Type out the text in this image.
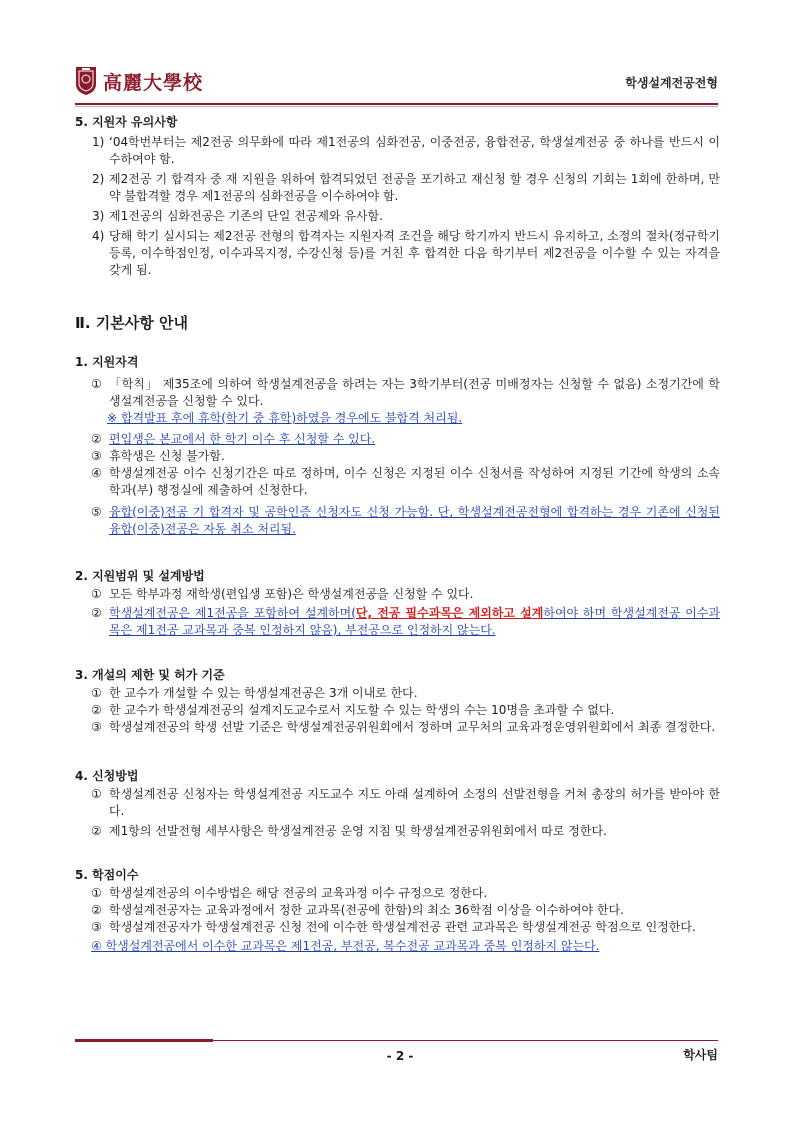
高麗大學校	학생설계전공전형

5. 지원자 유의사항

1) ‘04학번부터는 제2전공 의무화에 따라 제1전공의 심화전공, 이중전공, 융합전공, 학생설계전공 중 하나를 반드시 이수하여야 함.
2) 제2전공 기 합격자 중 재 지원을 위하여 합격되었던 전공을 포기하고 재신청 할 경우 신청의 기회는 1회에 한하며, 만약 불합격할 경우 제1전공의 심화전공을 이수하여야 함.
3) 제1전공의 심화전공은 기존의 단일 전공제와 유사함.
4) 당해 학기 실시되는 제2전공 전형의 합격자는 지원자격 조건을 해당 학기까지 반드시 유지하고, 소정의 절차(정규학기등록, 이수학점인정, 이수과목지정, 수강신청 등)를 거친 후 합격한 다음 학기부터 제2전공을 이수할 수 있는 자격을 갖게 됨.

Ⅱ. 기본사항 안내

1. 지원자격

① 「학칙」 제35조에 의하여 학생설계전공을 하려는 자는 3학기부터(전공 미배정자는 신청할 수 없음) 소정기간에 학생설계전공을 신청할 수 있다.
※ 합격발표 후에 휴학(학기 중 휴학)하였을 경우에도 불합격 처리됨.
② 편입생은 본교에서 한 학기 이수 후 신청할 수 있다.
③ 휴학생은 신청 불가함.
④ 학생설계전공 이수 신청기간은 따로 정하며, 이수 신청은 지정된 이수 신청서를 작성하여 지정된 기간에 학생의 소속 학과(부) 행정실에 제출하여 신청한다.
⑤ 융합(이중)전공 기 합격자 및 공학인증 신청자도 신청 가능함. 단, 학생설계전공전형에 합격하는 경우 기존에 신청된 융합(이중)전공은 자동 취소 처리됨.

2. 지원범위 및 설계방법

① 모든 학부과정 재학생(편입생 포함)은 학생설계전공을 신청할 수 있다.
② 학생설계전공은 제1전공을 포함하여 설계하며(단, 전공 필수과목은 제외하고 설계하여야 하며 학생설계전공 이수과목은 제1전공 교과목과 중복 인정하지 않음), 부전공으로 인정하지 않는다.

3. 개설의 제한 및 허가 기준

① 한 교수가 개설할 수 있는 학생설계전공은 3개 이내로 한다.
② 한 교수가 학생설계전공의 설계지도교수로서 지도할 수 있는 학생의 수는 10명을 초과할 수 없다.
③ 학생설계전공의 학생 선발 기준은 학생설계전공위원회에서 정하며 교무처의 교육과정운영위원회에서 최종 결정한다.

4. 신청방법

① 학생설계전공 신청자는 학생설계전공 지도교수 지도 아래 설계하여 소정의 선발전형을 거쳐 총장의 허가를 받아야 한다.
② 제1항의 선발전형 세부사항은 학생설계전공 운영 지침 및 학생설계전공위원회에서 따로 정한다.

5. 학점이수

① 학생설계전공의 이수방법은 해당 전공의 교육과정 이수 규정으로 정한다.
② 학생설계전공자는 교육과정에서 정한 교과목(전공에 한함)의 최소 36학점 이상을 이수하여야 한다.
③ 학생설계전공자가 학생설계전공 신청 전에 이수한 학생설계전공 관련 교과목은 학생설계전공 학점으로 인정한다.
④ 학생설계전공에서 이수한 교과목은 제1전공, 부전공, 복수전공 교과목과 중복 인정하지 않는다.
- 2 -	학사팀
